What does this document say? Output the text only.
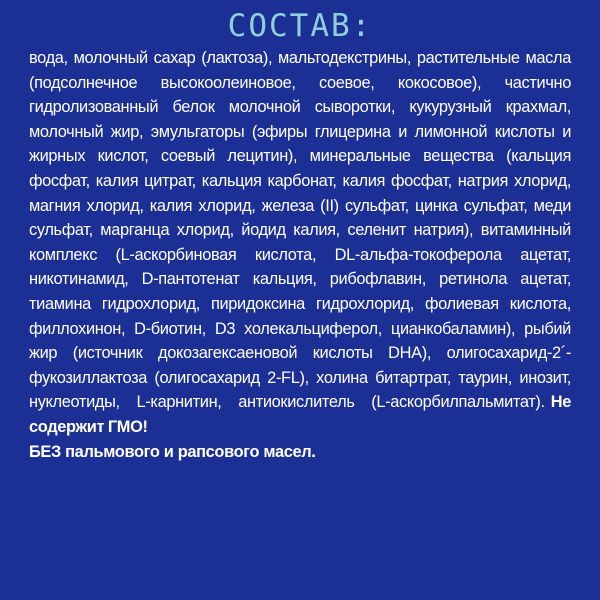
СОСТАВ:

вода, молочный сахар (лактоза), мальтодекстрины, растительные масла (подсолнечное высокоолеиновое, соевое, кокосовое), частично гидролизованный белок молочной сыворотки, кукурузный крахмал, молочный жир, эмульгаторы (эфиры глицерина и лимонной кислоты и жирных кислот, соевый лецитин), минеральные вещества (кальция фосфат, калия цитрат, кальция карбонат, калия фосфат, натрия хлорид, магния хлорид, калия хлорид, железа (II) сульфат, цинка сульфат, меди сульфат, марганца хлорид, йодид калия, селенит натрия), витаминный комплекс (L-аскорбиновая кислота, DL-альфа-токоферола ацетат, никотинамид, D-пантотенат кальция, рибофлавин, ретинола ацетат, тиамина гидрохлорид, пиридоксина гидрохлорид, фолиевая кислота, филлохинон, D-биотин, D3 холекальциферол, цианкобаламин), рыбий жир (источник докозагексаеновой кислоты DHA), олигосахарид-2´-фукозиллактоза (олигосахарид 2-FL), холина битартрат, таурин, инозит, нуклеотиды, L-карнитин, антиокислитель (L-аскорбилпальмитат). Не содержит ГМО!

БЕЗ пальмового и рапсового масел.
